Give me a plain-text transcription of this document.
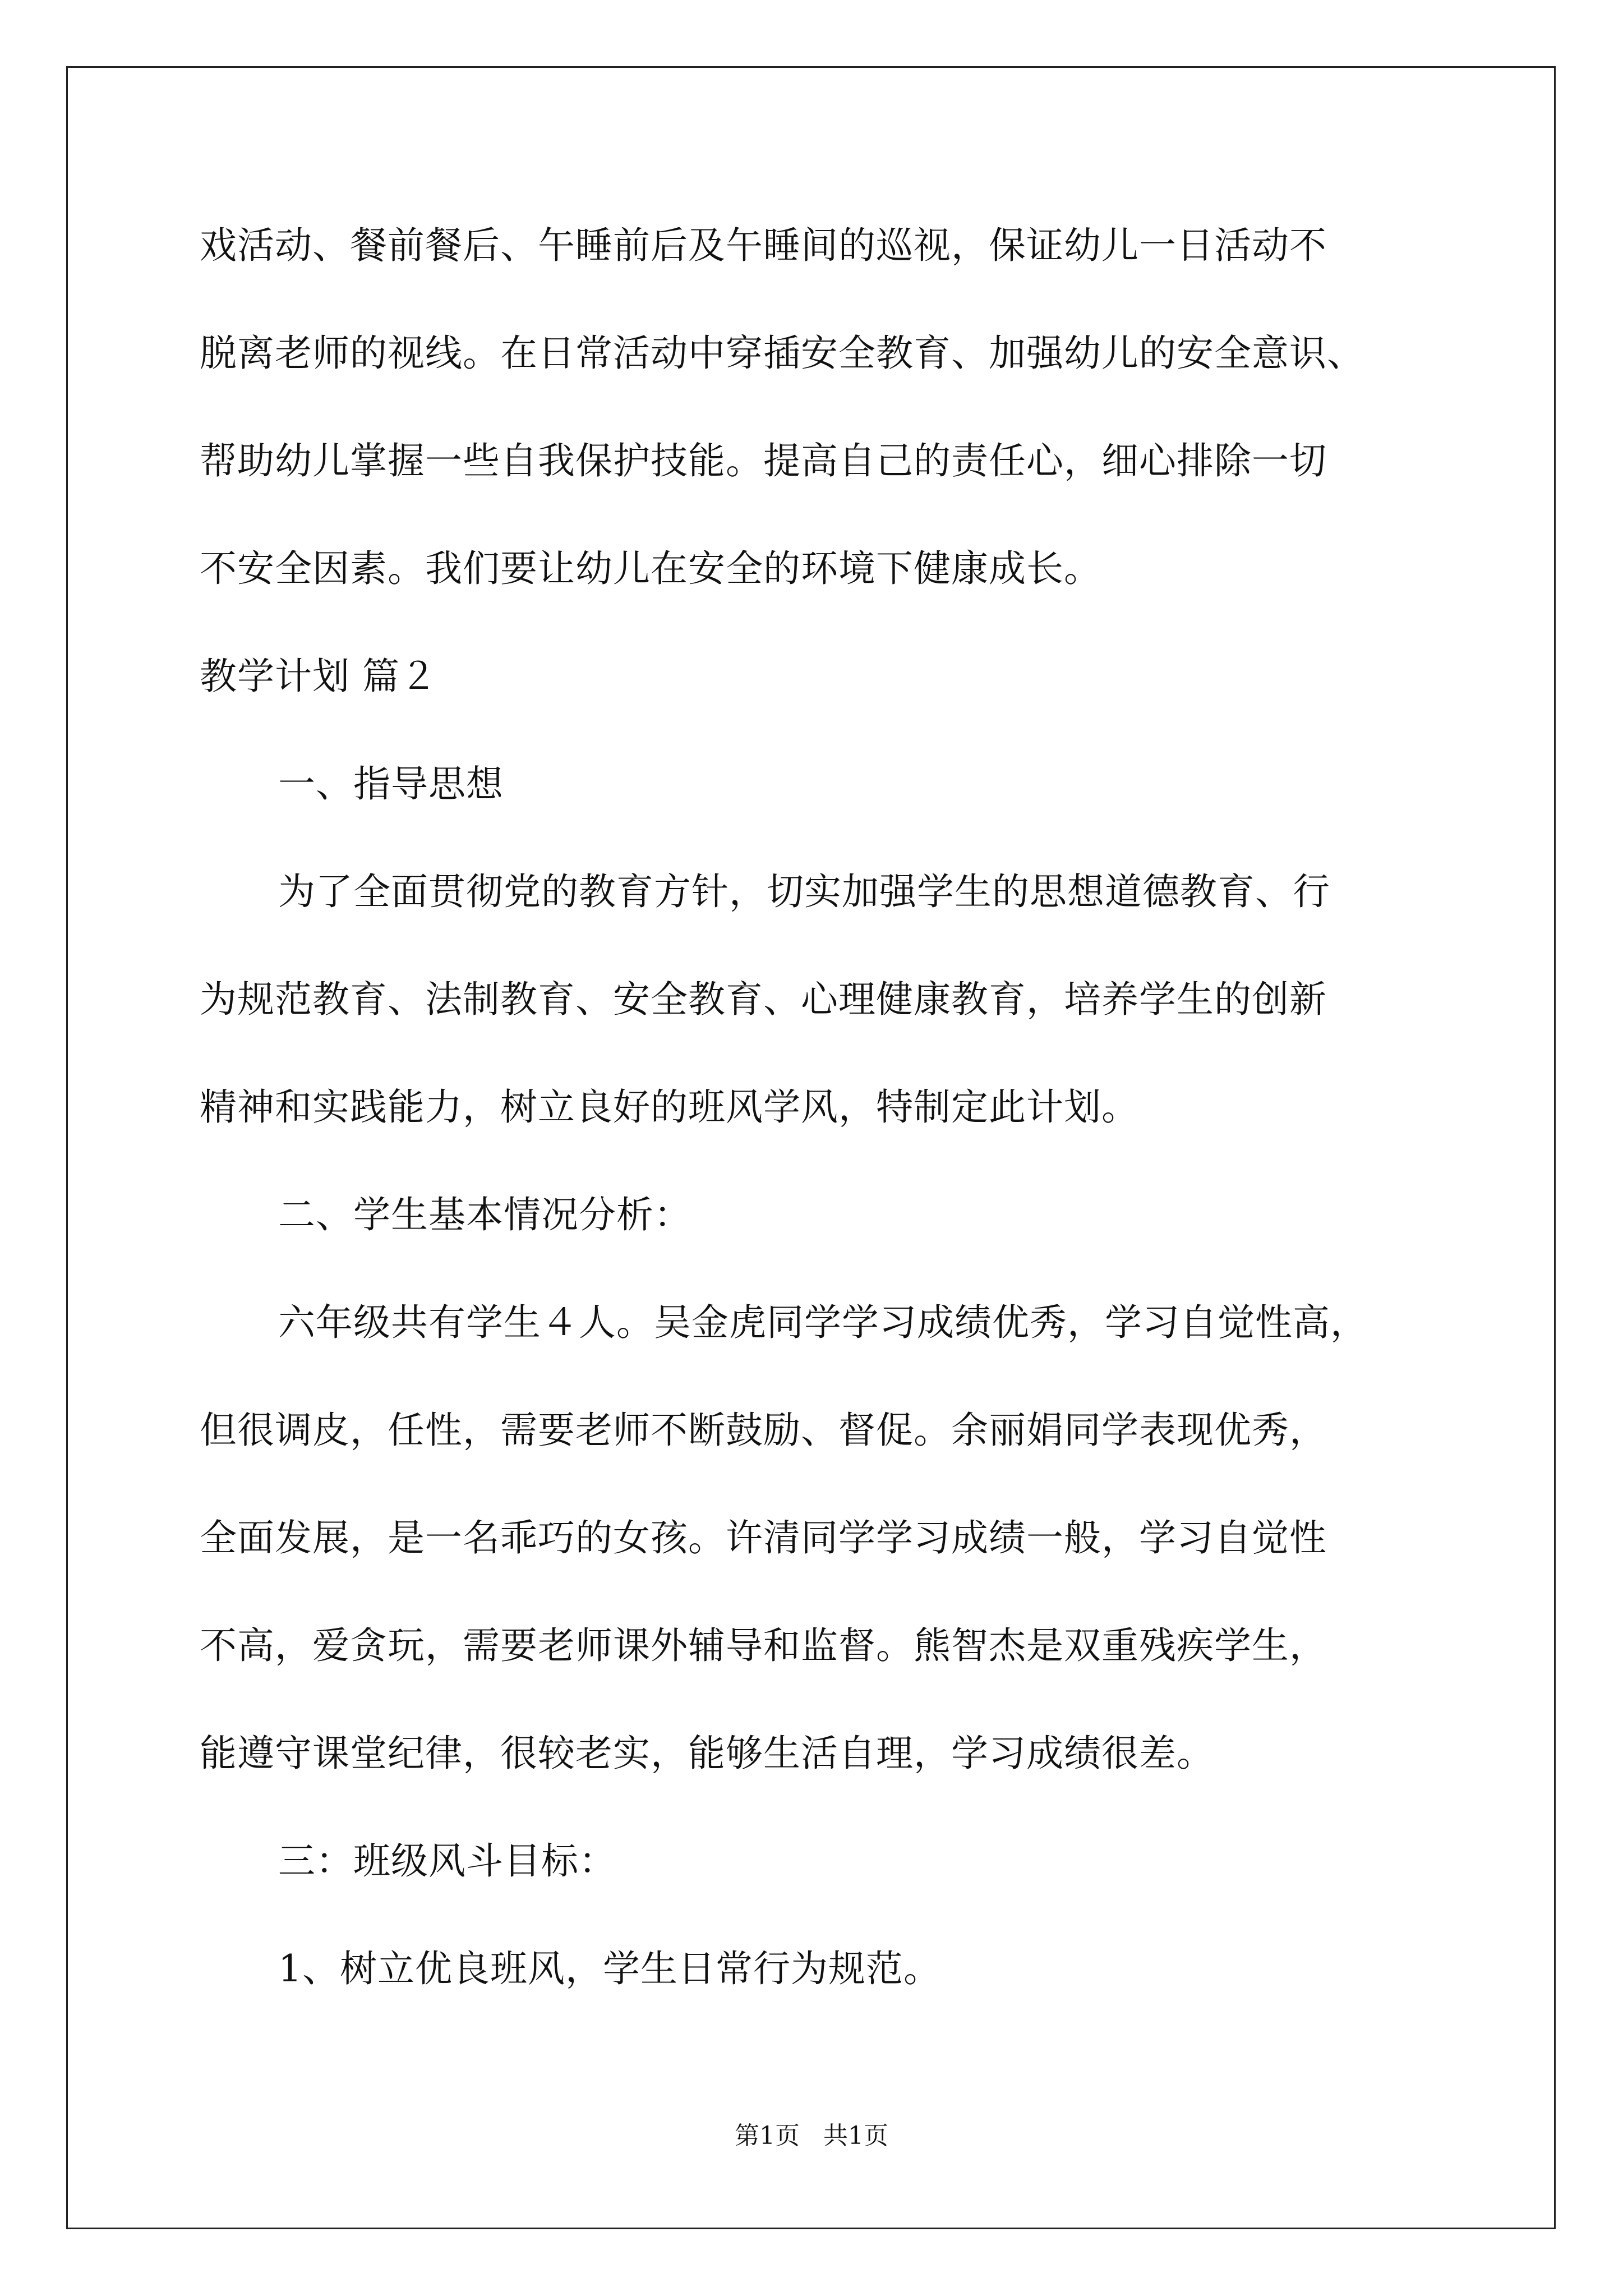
戏活动、餐前餐后、午睡前后及午睡间的巡视，保证幼儿一日活动不

脱离老师的视线。在日常活动中穿插安全教育、加强幼儿的安全意识、

帮助幼儿掌握一些自我保护技能。提高自己的责任心，细心排除一切

不安全因素。我们要让幼儿在安全的环境下健康成长。

教学计划 篇２

一、指导思想

为了全面贯彻党的教育方针，切实加强学生的思想道德教育、行

为规范教育、法制教育、安全教育、心理健康教育，培养学生的创新

精神和实践能力，树立良好的班风学风，特制定此计划。

二、学生基本情况分析：

六年级共有学生４人。吴金虎同学学习成绩优秀，学习自觉性高，

但很调皮，任性，需要老师不断鼓励、督促。余丽娟同学表现优秀，

全面发展，是一名乖巧的女孩。许清同学学习成绩一般，学习自觉性

不高，爱贪玩，需要老师课外辅导和监督。熊智杰是双重残疾学生，

能遵守课堂纪律，很较老实，能够生活自理，学习成绩很差。

三：班级风斗目标：

1、树立优良班风，学生日常行为规范。

第1页   共1页
